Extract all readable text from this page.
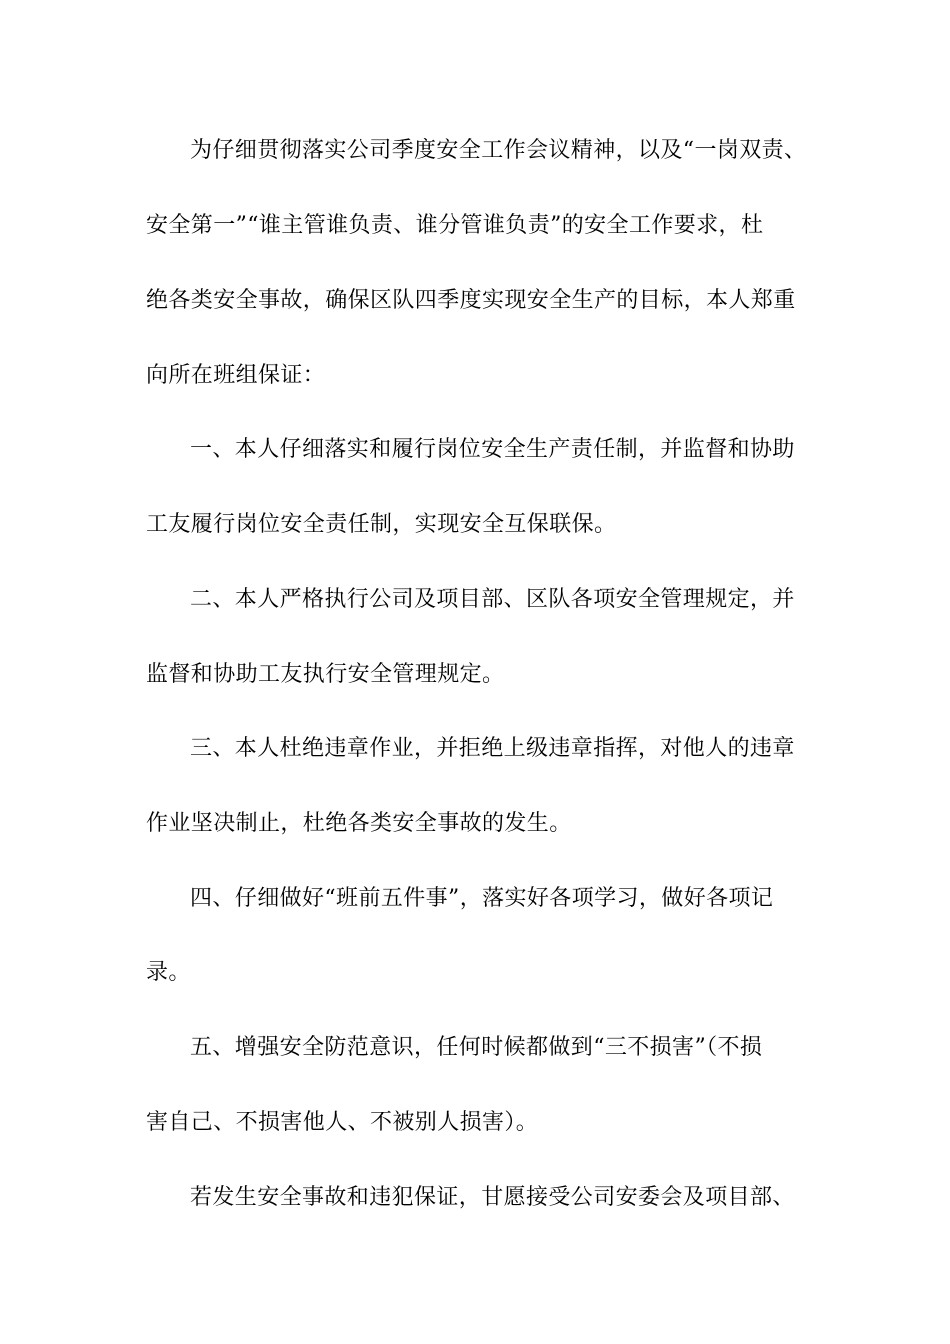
为仔细贯彻落实公司季度安全工作会议精神，以及“一岗双责、
安全第一”“谁主管谁负责、谁分管谁负责”的安全工作要求，杜
绝各类安全事故，确保区队四季度实现安全生产的目标，本人郑重
向所在班组保证：
一、本人仔细落实和履行岗位安全生产责任制，并监督和协助
工友履行岗位安全责任制，实现安全互保联保。
二、本人严格执行公司及项目部、区队各项安全管理规定，并
监督和协助工友执行安全管理规定。
三、本人杜绝违章作业，并拒绝上级违章指挥，对他人的违章
作业坚决制止，杜绝各类安全事故的发生。
四、仔细做好“班前五件事”，落实好各项学习，做好各项记
录。
五、增强安全防范意识，任何时候都做到“三不损害”（不损
害自己、不损害他人、不被别人损害）。
若发生安全事故和违犯保证，甘愿接受公司安委会及项目部、
